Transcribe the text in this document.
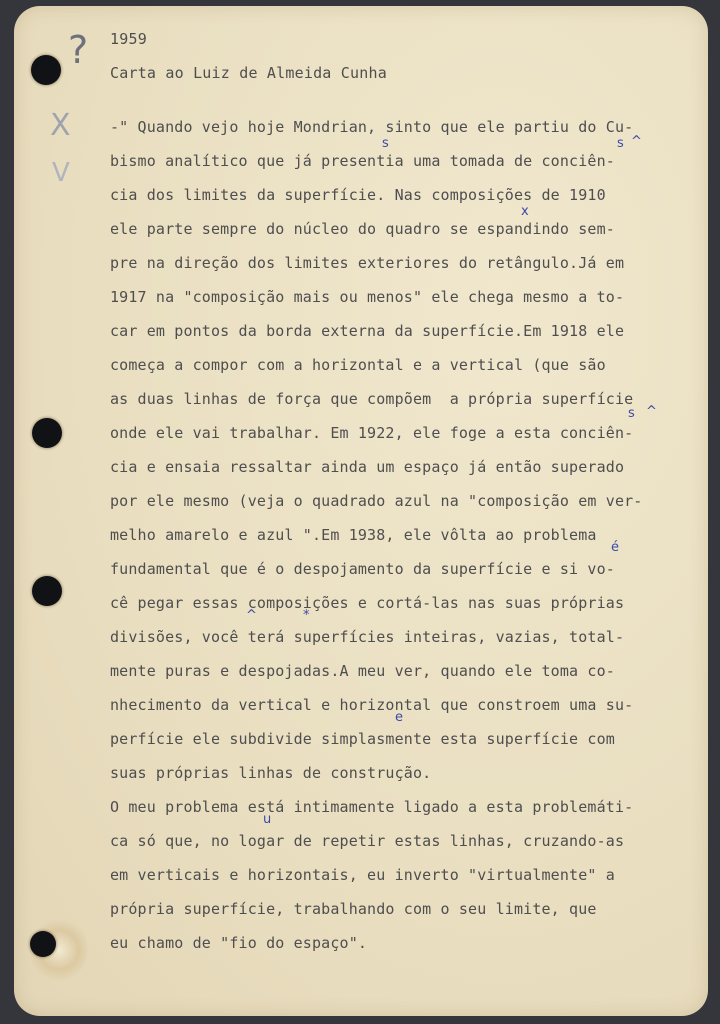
?
X
V
1959
Carta ao Luiz de Almeida Cunha
-" Quando vejo hoje Mondrian, sinto que ele partiu do Cu-
bismo analítico que já presentia uma tomada de conciên-
cia dos limites da superfície. Nas composições de 1910
ele parte sempre do núcleo do quadro se espandindo sem-
pre na direção dos limites exteriores do retângulo.Já em
1917 na "composição mais ou menos" ele chega mesmo a to-
car em pontos da borda externa da superfície.Em 1918 ele
começa a compor com a horizontal e a vertical (que são
as duas linhas de força que compõem  a própria superfície
onde ele vai trabalhar. Em 1922, ele foge a esta conciên-
cia e ensaia ressaltar ainda um espaço já então superado
por ele mesmo (veja o quadrado azul na "composição em ver-
melho amarelo e azul ".Em 1938, ele vôlta ao problema
fundamental que é o despojamento da superfície e si vo-
cê pegar essas composições e cortá-las nas suas próprias
divisões, você terá superfícies inteiras, vazias, total-
mente puras e despojadas.A meu ver, quando ele toma co-
nhecimento da vertical e horizontal que constroem uma su-
perfície ele subdivide simplasmente esta superfície com
suas próprias linhas de construção.
O meu problema está intimamente ligado a esta problemáti-
ca só que, no logar de repetir estas linhas, cruzando-as
em verticais e horizontais, eu inverto "virtualmente" a
própria superfície, trabalhando com o seu limite, que
eu chamo de "fio do espaço".
s	s ^
x
s ^
é
^	*
e
u
